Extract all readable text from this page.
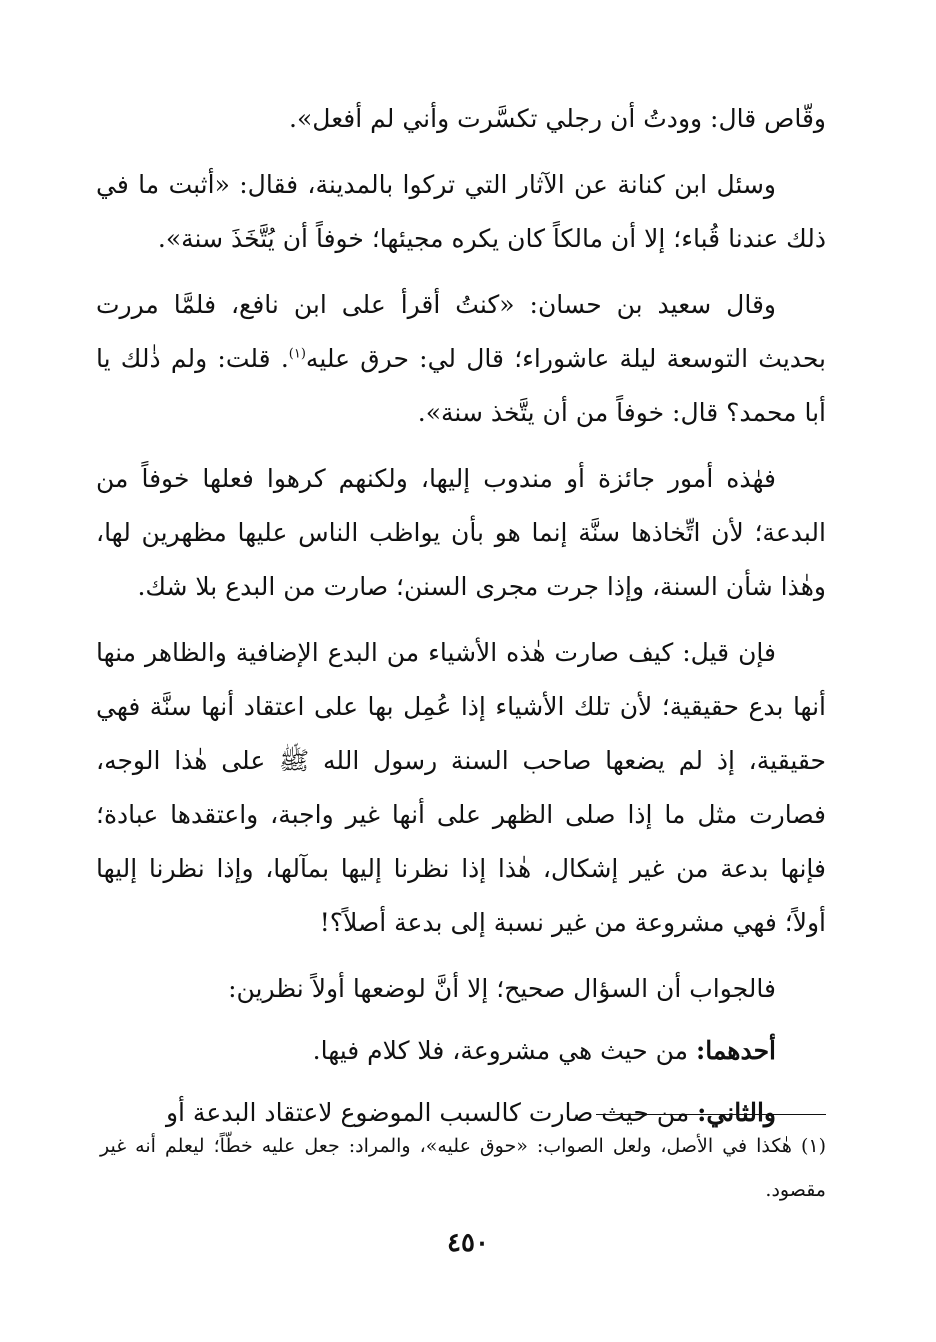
وقّاص قال: وودتُ أن رجلي تكسَّرت وأني لم أفعل».

وسئل ابن كنانة عن الآثار التي تركوا بالمدينة، فقال: «أثبت ما في ذلك عندنا قُباء؛ إلا أن مالكاً كان يكره مجيئها؛ خوفاً أن يُتَّخَذَ سنة».

وقال سعيد بن حسان: «كنتُ أقرأ على ابن نافع، فلمَّا مررت بحديث التوسعة ليلة عاشوراء؛ قال لي: حرق عليه$^{(١)}$. قلت: ولم ذٰلك يا أبا محمد؟ قال: خوفاً من أن يتَّخذ سنة».

فهٰذه أمور جائزة أو مندوب إليها، ولكنهم كرهوا فعلها خوفاً من البدعة؛ لأن اتِّخاذها سنَّة إنما هو بأن يواظب الناس عليها مظهرين لها، وهٰذا شأن السنة، وإذا جرت مجرى السنن؛ صارت من البدع بلا شك.

فإن قيل: كيف صارت هٰذه الأشياء من البدع الإضافية والظاهر منها أنها بدع حقيقية؛ لأن تلك الأشياء إذا عُمِل بها على اعتقاد أنها سنَّة فهي حقيقية، إذ لم يضعها صاحب السنة رسول الله ﷺ على هٰذا الوجه، فصارت مثل ما إذا صلى الظهر على أنها غير واجبة، واعتقدها عبادة؛ فإنها بدعة من غير إشكال، هٰذا إذا نظرنا إليها بمآلها، وإذا نظرنا إليها أولاً؛ فهي مشروعة من غير نسبة إلى بدعة أصلاً؟!

فالجواب أن السؤال صحيح؛ إلا أنَّ لوضعها أولاً نظرين:

أحدهما: من حيث هي مشروعة، فلا كلام فيها.

والثاني: من حيث صارت كالسبب الموضوع لاعتقاد البدعة أو

(١) هٰكذا في الأصل، ولعل الصواب: «حوق عليه»، والمراد: جعل عليه خطّاً؛ ليعلم أنه غير مقصود.
٤٥٠
